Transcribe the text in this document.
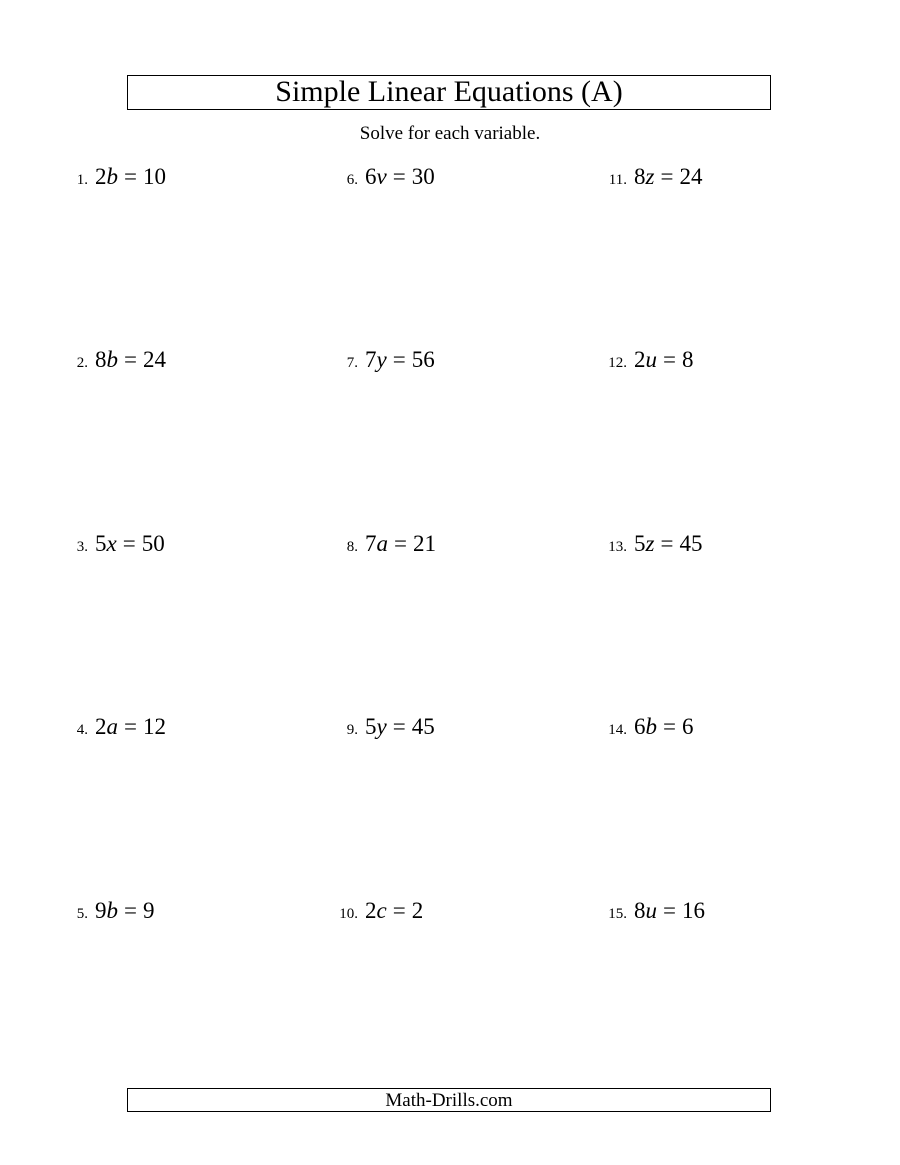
Simple Linear Equations (A)
Solve for each variable.
1. 2b = 10
2. 8b = 24
3. 5x = 50
4. 2a = 12
5. 9b = 9
6. 6v = 30
7. 7y = 56
8. 7a = 21
9. 5y = 45
10. 2c = 2
11. 8z = 24
12. 2u = 8
13. 5z = 45
14. 6b = 6
15. 8u = 16
Math-Drills.com
